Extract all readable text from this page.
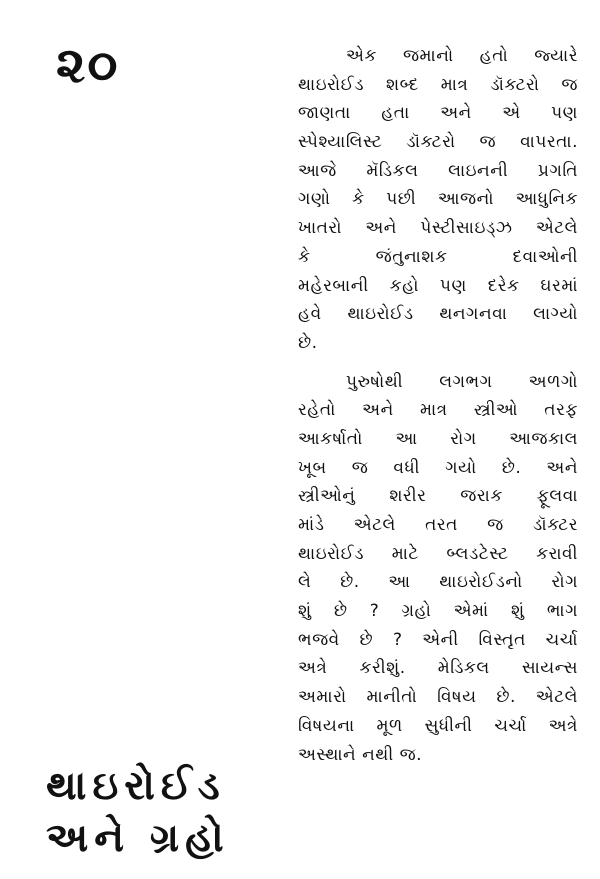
૨૦	એક જમાનો હતો જ્યારે
થાઇરોઈડ શબ્દ માત્ર ડૉક્ટરો જ
જાણતા હતા અને એ પણ
સ્પેશ્યાલિસ્ટ ડૉક્ટરો જ વાપરતા.
આજે મૅડિકલ લાઇનની પ્રગતિ
ગણો કે પછી આજનો આધુનિક
ખાતરો અને પેસ્ટીસાઇડ્ઝ એટલે
કે જંતુનાશક દવાઓની
મહેરબાની કહો પણ દરેક ઘરમાં
હવે થાઇરોઈડ થનગનવા લાગ્યો
છે.
પુરુષોથી લગભગ અળગો
રહેતો અને માત્ર સ્ત્રીઓ તરફ
આકર્ષાતો આ રોગ આજકાલ
ખૂબ જ વધી ગયો છે. અને
સ્ત્રીઓનું શરીર જરાક ફૂલવા
માંડે એટલે તરત જ ડૉક્ટર
થાઇરોઈડ માટે બ્લડટેસ્ટ કરાવી
લે છે. આ થાઇરોઈડનો રોગ
શું છે ? ગ્રહો એમાં શું ભાગ
ભજવે છે ? એની વિસ્તૃત ચર્ચા
અત્રે કરીશું. મેડિકલ સાયન્સ
અમારો માનીતો વિષય છે. એટલે
વિષયના મૂળ સુધીની ચર્ચા અત્રે
અસ્થાને નથી જ.
થાઇરોઈડ
અને ગ્રહો
